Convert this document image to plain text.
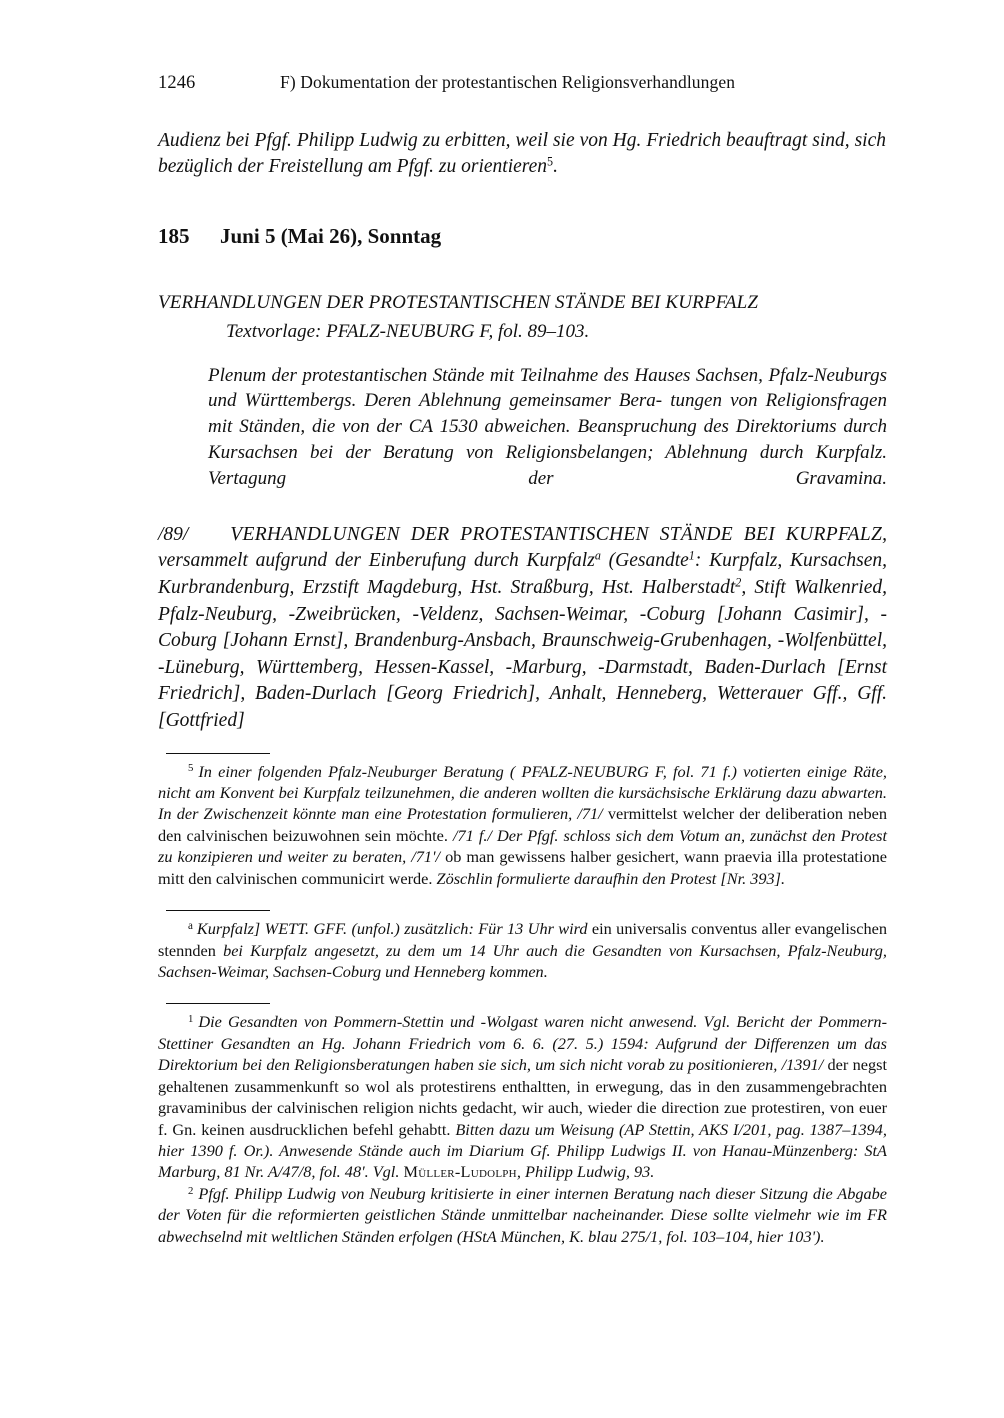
1246	F) Dokumentation der protestantischen Religionsverhandlungen

Audienz bei Pfgf. Philipp Ludwig zu erbitten, weil sie von Hg. Friedrich beauftragt sind, sich bezüglich der Freistellung am Pfgf. zu orientieren$^5$.

185	Juni 5 (Mai 26), Sonntag
VERHANDLUNGEN DER PROTESTANTISCHEN STÄNDE BEI KURPFALZ
Textvorlage: PFALZ-NEUBURG F, fol. 89–103.
Plenum der protestantischen Stände mit Teilnahme des Hauses Sachsen, Pfalz-Neuburgs und Württembergs. Deren Ablehnung gemeinsamer Bera- tungen von Religionsfragen mit Ständen, die von der CA 1530 abweichen. Beanspruchung des Direktoriums durch Kursachsen bei der Beratung von Religionsbelangen; Ablehnung durch Kurpfalz. Vertagung der Gravamina.

/89/ VERHANDLUNGEN DER PROTESTANTISCHEN STÄNDE BEI KURPFALZ, versammelt aufgrund der Einberufung durch Kurpfalz$^a$ (Gesandte$^1$: Kurpfalz, Kursachsen, Kurbrandenburg, Erzstift Magdeburg, Hst. Straßburg, Hst. Halberstadt$^2$, Stift Walkenried, Pfalz-Neuburg, -Zweibrücken, -Veldenz, Sachsen-Weimar, -Coburg [Johann Casimir], -Coburg [Johann Ernst], Brandenburg-Ansbach, Braunschweig-Grubenhagen, -Wolfenbüttel, -Lüneburg, Württemberg, Hessen-Kassel, -Marburg, -Darmstadt, Baden-Durlach [Ernst Friedrich], Baden-Durlach [Georg Friedrich], Anhalt, Henneberg, Wetterauer Gff., Gff. [Gottfried]

$^5$ In einer folgenden Pfalz-Neuburger Beratung ( PFALZ-NEUBURG F, fol. 71 f.) votierten einige Räte, nicht am Konvent bei Kurpfalz teilzunehmen, die anderen wollten die kursächsische Erklärung dazu abwarten. In der Zwischenzeit könnte man eine Protestation formulieren, /71/ vermittelst welcher der deliberation neben den calvinischen beizuwohnen sein möchte. /71 f./ Der Pfgf. schloss sich dem Votum an, zunächst den Protest zu konzipieren und weiter zu beraten, /71'/ ob man gewissens halber gesichert, wann praevia illa protestatione mitt den calvinischen communicirt werde. Zöschlin formulierte daraufhin den Protest [Nr. 393].

$^a$ Kurpfalz] WETT. GFF. (unfol.) zusätzlich: Für 13 Uhr wird ein universalis conventus aller evangelischen stennden bei Kurpfalz angesetzt, zu dem um 14 Uhr auch die Gesandten von Kursachsen, Pfalz-Neuburg, Sachsen-Weimar, Sachsen-Coburg und Henneberg kommen.

$^1$ Die Gesandten von Pommern-Stettin und -Wolgast waren nicht anwesend. Vgl. Bericht der Pommern-Stettiner Gesandten an Hg. Johann Friedrich vom 6. 6. (27. 5.) 1594: Aufgrund der Differenzen um das Direktorium bei den Religionsberatungen haben sie sich, um sich nicht vorab zu positionieren, /1391/ der negst gehaltenen zusammenkunft so wol als protestirens enthaltten, in erwegung, das in den zusammengebrachten gravaminibus der calvinischen religion nichts gedacht, wir auch, wieder die direction zue protestiren, von euer f. Gn. keinen ausdrucklichen befehl gehabtt. Bitten dazu um Weisung (AP Stettin, AKS I/201, pag. 1387–1394, hier 1390 f. Or.). Anwesende Stände auch im Diarium Gf. Philipp Ludwigs II. von Hanau-Münzenberg: StA Marburg, 81 Nr. A/47/8, fol. 48'. Vgl. Müller-Ludolph, Philipp Ludwig, 93.

$^2$ Pfgf. Philipp Ludwig von Neuburg kritisierte in einer internen Beratung nach dieser Sitzung die Abgabe der Voten für die reformierten geistlichen Stände unmittelbar nacheinander. Diese sollte vielmehr wie im FR abwechselnd mit weltlichen Ständen erfolgen (HStA München, K. blau 275/1, fol. 103–104, hier 103').
